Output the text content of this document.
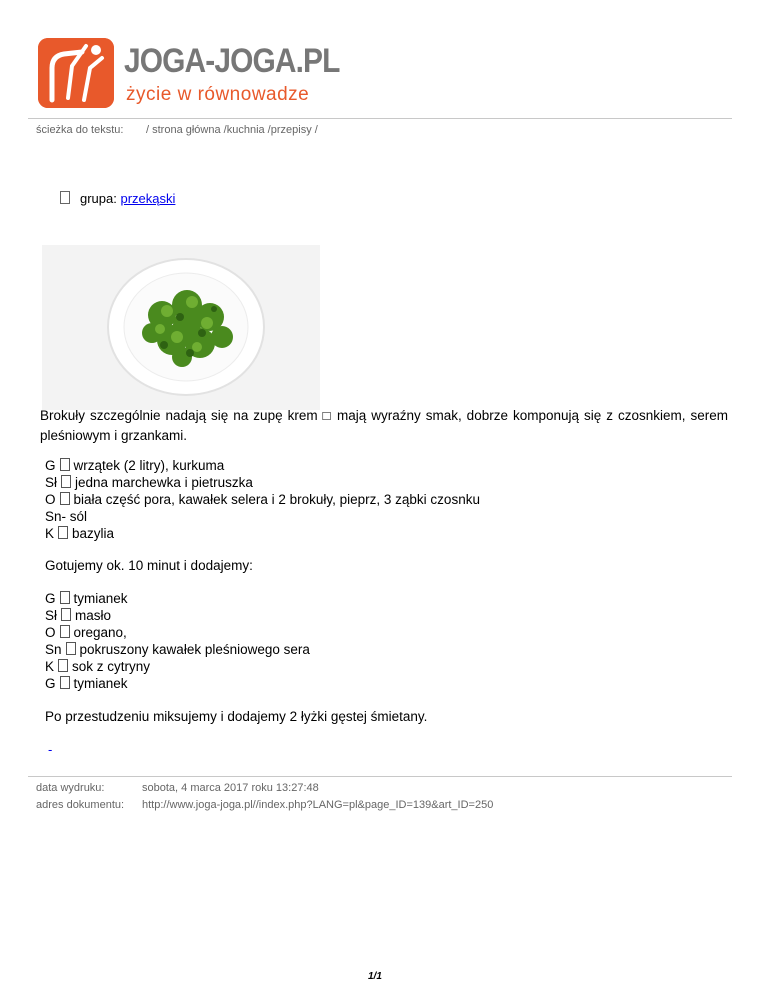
JOGA-JOGA.PL
życie w równowadze
ścieżka do tekstu: / strona główna /kuchnia /przepisy /
grupa: przekąski
Brokuły szczególnie nadają się na zupę krem □ mają wyraźny smak, dobrze komponują się z czosnkiem, serem pleśniowym i grzankami.
G wrzątek (2 litry), kurkuma
Sł jedna marchewka i pietruszka
O biała część pora, kawałek selera i 2 brokuły, pieprz, 3 ząbki czosnku
Sn- sól
K bazylia
Gotujemy ok. 10 minut i dodajemy:
G tymianek
Sł masło
O oregano,
Sn pokruszony kawałek pleśniowego sera
K sok z cytryny
G tymianek
Po przestudzeniu miksujemy i dodajemy 2 łyżki gęstej śmietany.
-
data wydruku:	sobota, 4 marca 2017 roku 13:27:48
adres dokumentu: http://www.joga-joga.pl//index.php?LANG=pl&page_ID=139&art_ID=250
1/1
